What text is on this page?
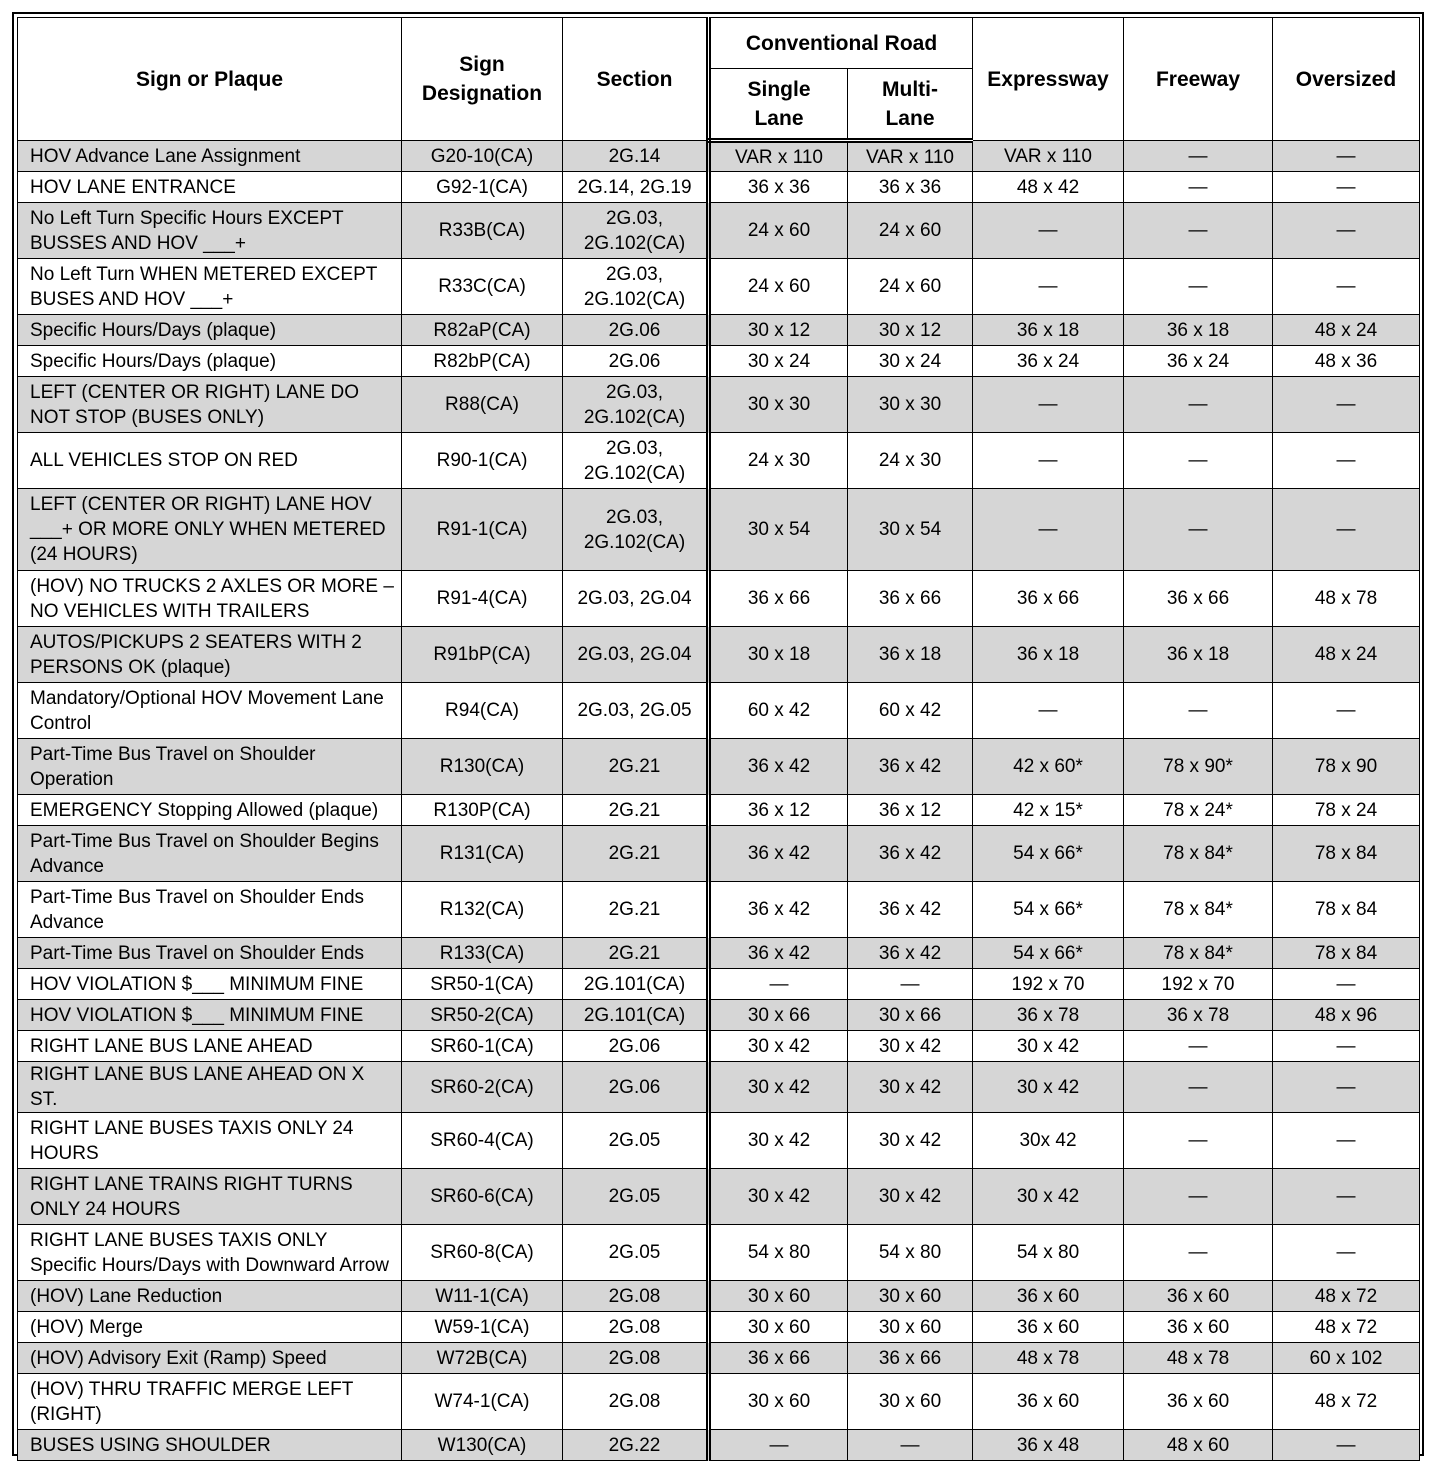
Sign or Plaque	Sign Designation	Section	Conventional Road		Expressway	Freeway	Oversized
			Single Lane	Multi-
Lane			
HOV Advance Lane Assignment	G20-10(CA)	2G.14	VAR x 110	VAR x 110	VAR x 110	—	—
HOV LANE ENTRANCE	G92-1(CA)	2G.14, 2G.19	36 x 36	36 x 36	48 x 42	—	—
No Left Turn Specific Hours EXCEPT BUSSES AND HOV ___+	R33B(CA)	2G.03, 2G.102(CA)	24 x 60	24 x 60	—	—	—
No Left Turn WHEN METERED EXCEPT BUSES AND HOV ___+	R33C(CA)	2G.03, 2G.102(CA)	24 x 60	24 x 60	—	—	—
Specific Hours/Days (plaque)	R82aP(CA)	2G.06	30 x 12	30 x 12	36 x 18	36 x 18	48 x 24
Specific Hours/Days (plaque)	R82bP(CA)	2G.06	30 x 24	30 x 24	36 x 24	36 x 24	48 x 36
LEFT (CENTER OR RIGHT) LANE DO NOT STOP (BUSES ONLY)	R88(CA)	2G.03, 2G.102(CA)	30 x 30	30 x 30	—	—	—
ALL VEHICLES STOP ON RED	R90-1(CA)	2G.03, 2G.102(CA)	24 x 30	24 x 30	—	—	—
LEFT (CENTER OR RIGHT) LANE HOV ___+ OR MORE ONLY WHEN METERED (24 HOURS)	R91-1(CA)	2G.03, 2G.102(CA)	30 x 54	30 x 54	—	—	—
(HOV) NO TRUCKS 2 AXLES OR MORE – NO VEHICLES WITH TRAILERS	R91-4(CA)	2G.03, 2G.04	36 x 66	36 x 66	36 x 66	36 x 66	48 x 78
AUTOS/PICKUPS 2 SEATERS WITH 2 PERSONS OK (plaque)	R91bP(CA)	2G.03, 2G.04	30 x 18	36 x 18	36 x 18	36 x 18	48 x 24
Mandatory/Optional HOV Movement Lane Control	R94(CA)	2G.03, 2G.05	60 x 42	60 x 42	—	—	—
Part-Time Bus Travel on Shoulder Operation	R130(CA)	2G.21	36 x 42	36 x 42	42 x 60*	78 x 90*	78 x 90
EMERGENCY Stopping Allowed (plaque)	R130P(CA)	2G.21	36 x 12	36 x 12	42 x 15*	78 x 24*	78 x 24
Part-Time Bus Travel on Shoulder Begins Advance	R131(CA)	2G.21	36 x 42	36 x 42	54 x 66*	78 x 84*	78 x 84
Part-Time Bus Travel on Shoulder Ends Advance	R132(CA)	2G.21	36 x 42	36 x 42	54 x 66*	78 x 84*	78 x 84
Part-Time Bus Travel on Shoulder Ends	R133(CA)	2G.21	36 x 42	36 x 42	54 x 66*	78 x 84*	78 x 84
HOV VIOLATION $___ MINIMUM FINE	SR50-1(CA)	2G.101(CA)	—	—	192 x 70	192 x 70	—
HOV VIOLATION $___ MINIMUM FINE	SR50-2(CA)	2G.101(CA)	30 x 66	30 x 66	36 x 78	36 x 78	48 x 96
RIGHT LANE BUS LANE AHEAD	SR60-1(CA)	2G.06	30 x 42	30 x 42	30 x 42	—	—
RIGHT LANE BUS LANE AHEAD ON X ST.	SR60-2(CA)	2G.06	30 x 42	30 x 42	30 x 42	—	—
RIGHT LANE BUSES TAXIS ONLY 24 HOURS	SR60-4(CA)	2G.05	30 x 42	30 x 42	30x 42	—	—
RIGHT LANE TRAINS RIGHT TURNS ONLY 24 HOURS	SR60-6(CA)	2G.05	30 x 42	30 x 42	30 x 42	—	—
RIGHT LANE BUSES TAXIS ONLY Specific Hours/Days with Downward Arrow	SR60-8(CA)	2G.05	54 x 80	54 x 80	54 x 80	—	—
(HOV) Lane Reduction	W11-1(CA)	2G.08	30 x 60	30 x 60	36 x 60	36 x 60	48 x 72
(HOV) Merge	W59-1(CA)	2G.08	30 x 60	30 x 60	36 x 60	36 x 60	48 x 72
(HOV) Advisory Exit (Ramp) Speed	W72B(CA)	2G.08	36 x 66	36 x 66	48 x 78	48 x 78	60 x 102
(HOV) THRU TRAFFIC MERGE LEFT (RIGHT)	W74-1(CA)	2G.08	30 x 60	30 x 60	36 x 60	36 x 60	48 x 72
BUSES USING SHOULDER	W130(CA)	2G.22	—	—	36 x 48	48 x 60	—
